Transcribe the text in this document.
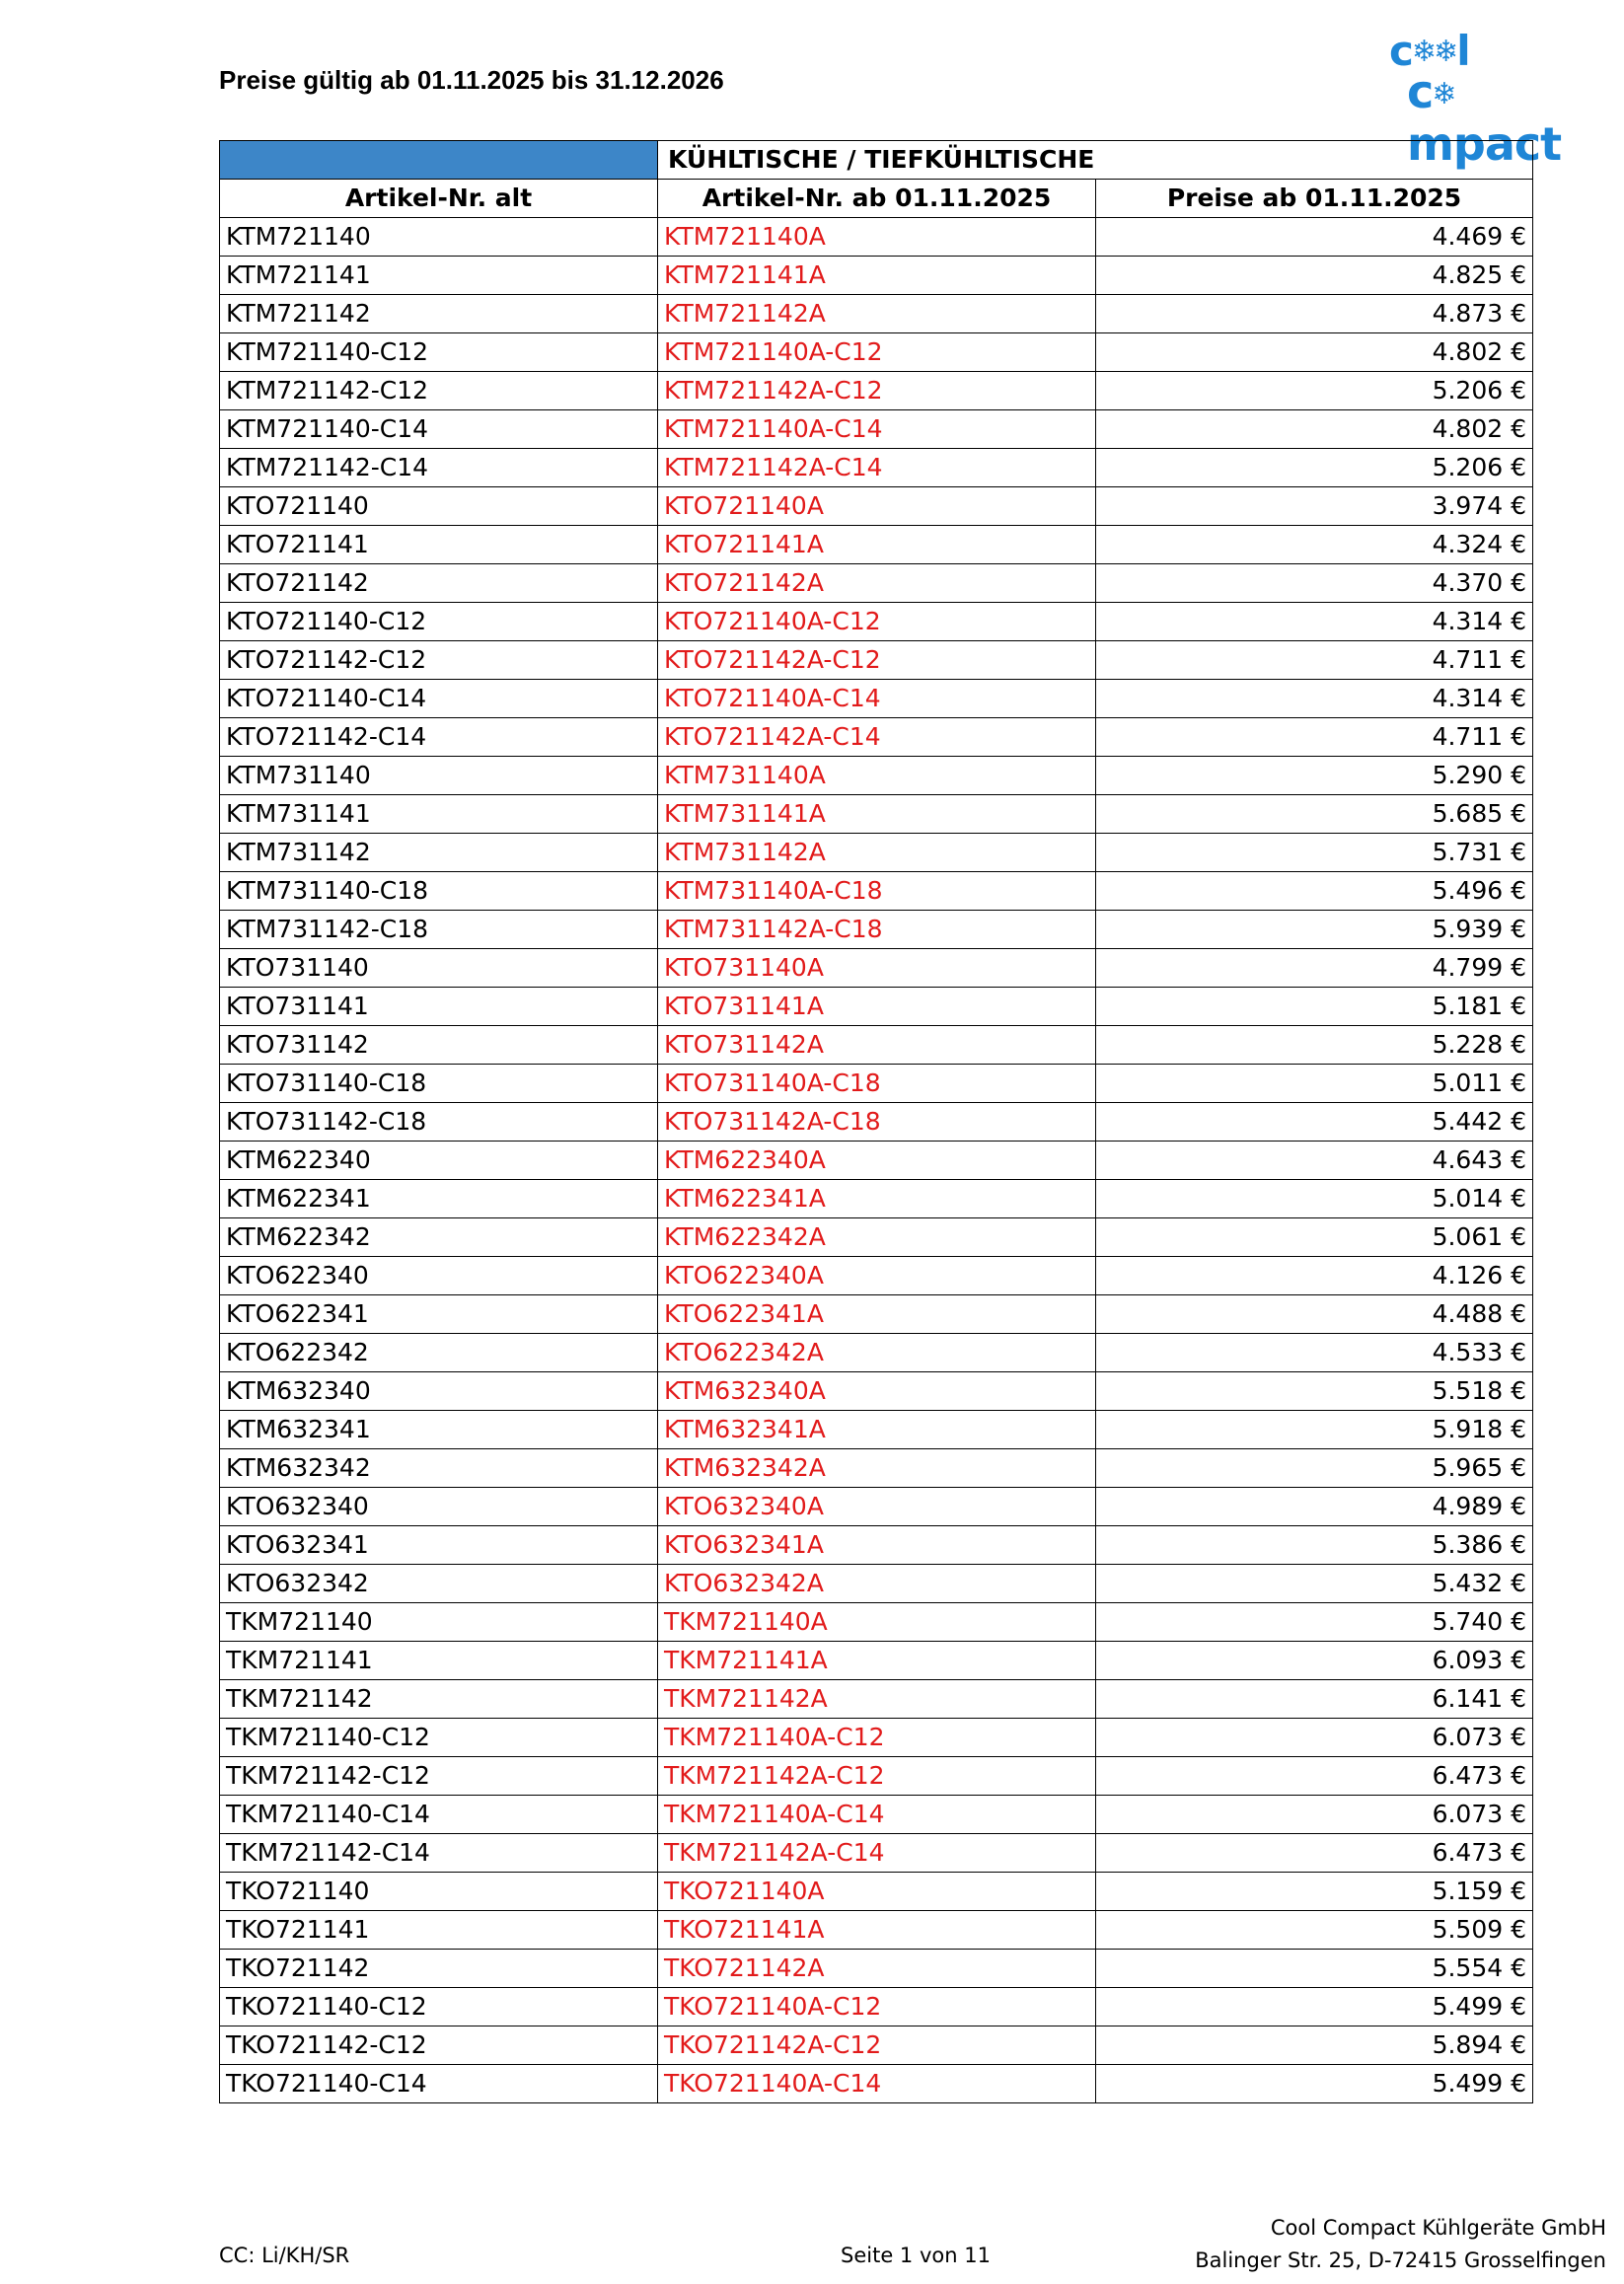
Preise gültig ab 01.11.2025 bis 31.12.2026
c❄❄l
c❄mpact
	KÜHLTISCHE / TIEFKÜHLTISCHE	
Artikel-Nr. alt	Artikel-Nr. ab 01.11.2025	Preise ab 01.11.2025
KTM721140	KTM721140A	4.469 €
KTM721141	KTM721141A	4.825 €
KTM721142	KTM721142A	4.873 €
KTM721140-C12	KTM721140A-C12	4.802 €
KTM721142-C12	KTM721142A-C12	5.206 €
KTM721140-C14	KTM721140A-C14	4.802 €
KTM721142-C14	KTM721142A-C14	5.206 €
KTO721140	KTO721140A	3.974 €
KTO721141	KTO721141A	4.324 €
KTO721142	KTO721142A	4.370 €
KTO721140-C12	KTO721140A-C12	4.314 €
KTO721142-C12	KTO721142A-C12	4.711 €
KTO721140-C14	KTO721140A-C14	4.314 €
KTO721142-C14	KTO721142A-C14	4.711 €
KTM731140	KTM731140A	5.290 €
KTM731141	KTM731141A	5.685 €
KTM731142	KTM731142A	5.731 €
KTM731140-C18	KTM731140A-C18	5.496 €
KTM731142-C18	KTM731142A-C18	5.939 €
KTO731140	KTO731140A	4.799 €
KTO731141	KTO731141A	5.181 €
KTO731142	KTO731142A	5.228 €
KTO731140-C18	KTO731140A-C18	5.011 €
KTO731142-C18	KTO731142A-C18	5.442 €
KTM622340	KTM622340A	4.643 €
KTM622341	KTM622341A	5.014 €
KTM622342	KTM622342A	5.061 €
KTO622340	KTO622340A	4.126 €
KTO622341	KTO622341A	4.488 €
KTO622342	KTO622342A	4.533 €
KTM632340	KTM632340A	5.518 €
KTM632341	KTM632341A	5.918 €
KTM632342	KTM632342A	5.965 €
KTO632340	KTO632340A	4.989 €
KTO632341	KTO632341A	5.386 €
KTO632342	KTO632342A	5.432 €
TKM721140	TKM721140A	5.740 €
TKM721141	TKM721141A	6.093 €
TKM721142	TKM721142A	6.141 €
TKM721140-C12	TKM721140A-C12	6.073 €
TKM721142-C12	TKM721142A-C12	6.473 €
TKM721140-C14	TKM721140A-C14	6.073 €
TKM721142-C14	TKM721142A-C14	6.473 €
TKO721140	TKO721140A	5.159 €
TKO721141	TKO721141A	5.509 €
TKO721142	TKO721142A	5.554 €
TKO721140-C12	TKO721140A-C12	5.499 €
TKO721142-C12	TKO721142A-C12	5.894 €
TKO721140-C14	TKO721140A-C14	5.499 €
CC: Li/KH/SR	Seite 1 von 11
Cool Compact Kühlgeräte GmbH
Balinger Str. 25, D-72415 Grosselfingen
